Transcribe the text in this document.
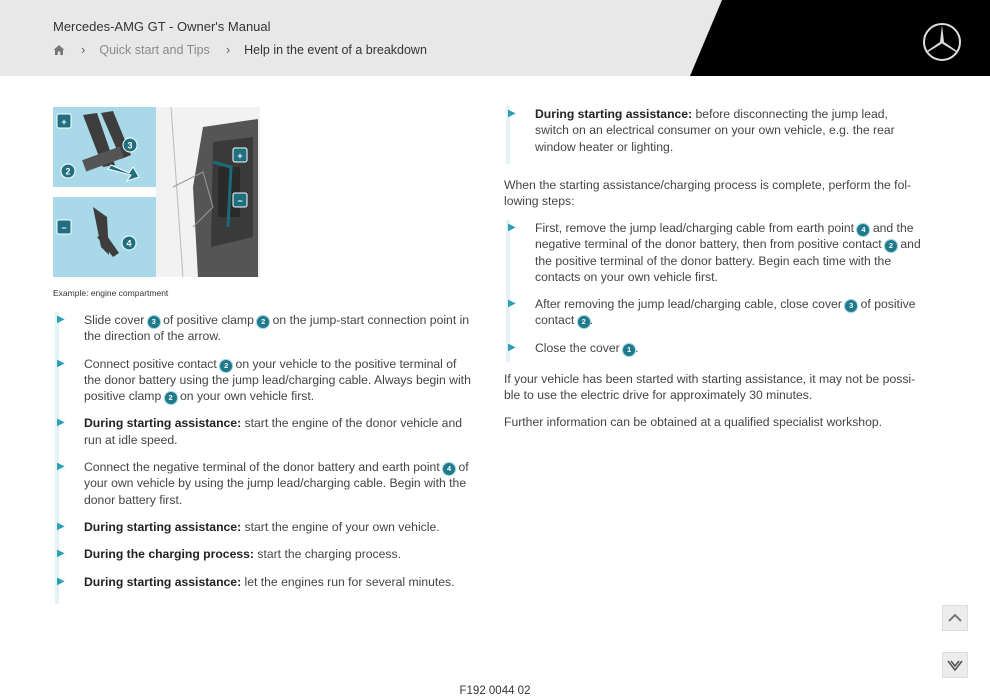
Mercedes-AMG GT - Owner's Manual
› Quick start and Tips › Help in the event of a breakdown
+
2
3
−
4
+
−
Example: engine compartment
▶ Slide cover 3 of positive clamp 2 on the jump-start connection point in the direction of the arrow.
▶ Connect positive contact 2 on your vehicle to the positive terminal of the donor battery using the jump lead/charging cable. Always begin with positive clamp 2 on your own vehicle first.
▶ During starting assistance: start the engine of the donor vehicle and run at idle speed.
▶ Connect the negative terminal of the donor battery and earth point 4 of your own vehicle by using the jump lead/charging cable. Begin with the donor battery first.
▶ During starting assistance: start the engine of your own vehicle.
▶ During the charging process: start the charging process.
▶ During starting assistance: let the engines run for several minutes.
▶ During starting assistance: before disconnecting the jump lead, switch on an electrical consumer on your own vehicle, e.g. the rear window heater or lighting.
When the starting assistance/charging process is complete, perform the fol-lowing steps:
▶ First, remove the jump lead/charging cable from earth point 4 and the negative terminal of the donor battery, then from positive contact 2 and the positive terminal of the donor battery. Begin each time with the contacts on your own vehicle first.
▶ After removing the jump lead/charging cable, close cover 3 of positive contact 2 .
▶ Close the cover 1 .
If your vehicle has been started with starting assistance, it may not be possi-ble to use the electric drive for approximately 30 minutes.
Further information can be obtained at a qualified specialist workshop.
F192 0044 02
